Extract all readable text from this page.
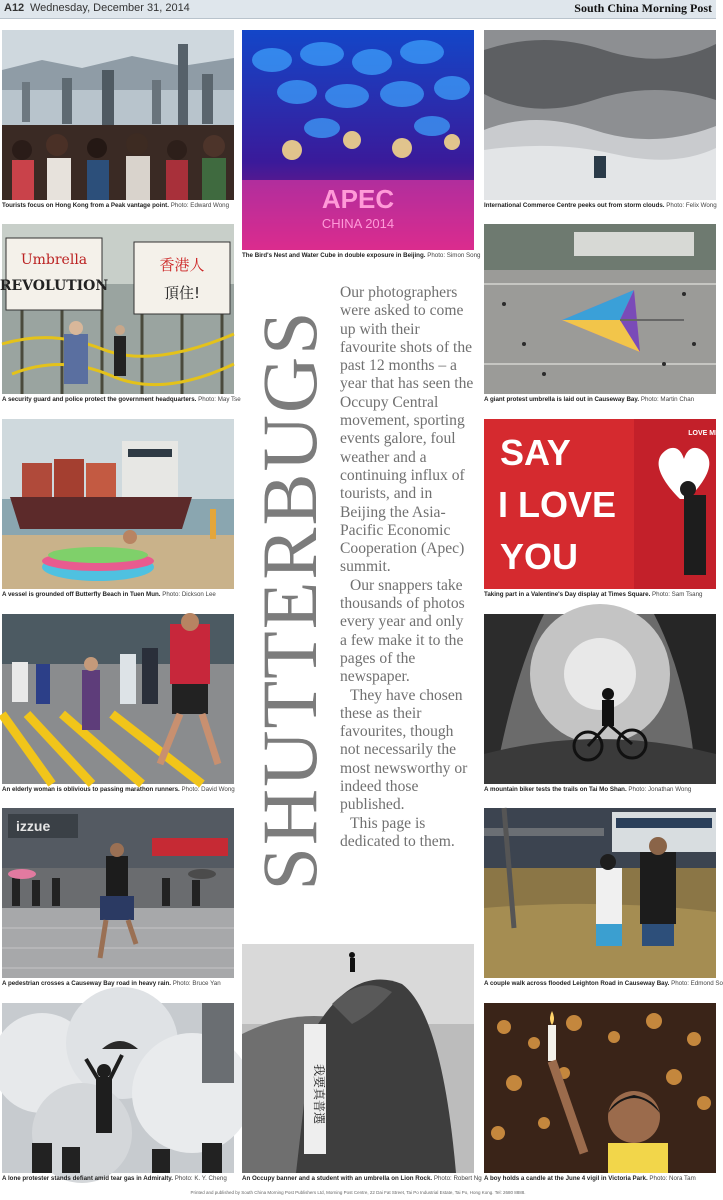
A12 Wednesday, December 31, 2014	South China Morning Post
Tourists focus on Hong Kong from a Peak vantage point. Photo: Edward Wong	APEC
CHINA 2014
The Bird's Nest and Water Cube in double exposure in Beijing. Photo: Simon Song
International Commerce Centre peeks out from storm clouds. Photo: Felix Wong
Umbrella
REVOLUTION
香港人
頂住!
A security guard and police protect the government headquarters. Photo: May Tse	A giant protest umbrella is laid out in Causeway Bay. Photo: Martin Chan
SHUTTERBUGS

Our photographers were asked to come up with their favourite shots of the past 12 months – a year that has seen the Occupy Central movement, sporting events galore, foul weather and a continuing influx of tourists, and in Beijing the Asia-Pacific Economic Cooperation (Apec) summit.

Our snappers take thousands of photos every year and only a few make it to the pages of the newspaper.

They have chosen these as their favourites, though not necessarily the most newsworthy or indeed those published.

This page is dedicated to them.

A vessel is grounded off Butterfly Beach in Tuen Mun. Photo: Dickson Lee
SAY
I LOVE
YOU
LOVE ME
Taking part in a Valentine's Day display at Times Square. Photo: Sam Tsang
An elderly woman is oblivious to passing marathon runners. Photo: David Wong	A mountain biker tests the trails on Tai Mo Shan. Photo: Jonathan Wong
izzue
A pedestrian crosses a Causeway Bay road in heavy rain. Photo: Bruce Yan	A couple walk across flooded Leighton Road in Causeway Bay. Photo: Edmond So
A lone protester stands defiant amid tear gas in Admiralty. Photo: K. Y. Cheng
我要真普選
An Occupy banner and a student with an umbrella on Lion Rock. Photo: Robert Ng A boy holds a candle at the June 4 vigil in Victoria Park. Photo: Nora Tam
Printed and published by South China Morning Post Publishers Ltd, Morning Post Centre, 22 Dai Fat Street, Tai Po Industrial Estate, Tai Po, Hong Kong. Tel: 2680 8888.
